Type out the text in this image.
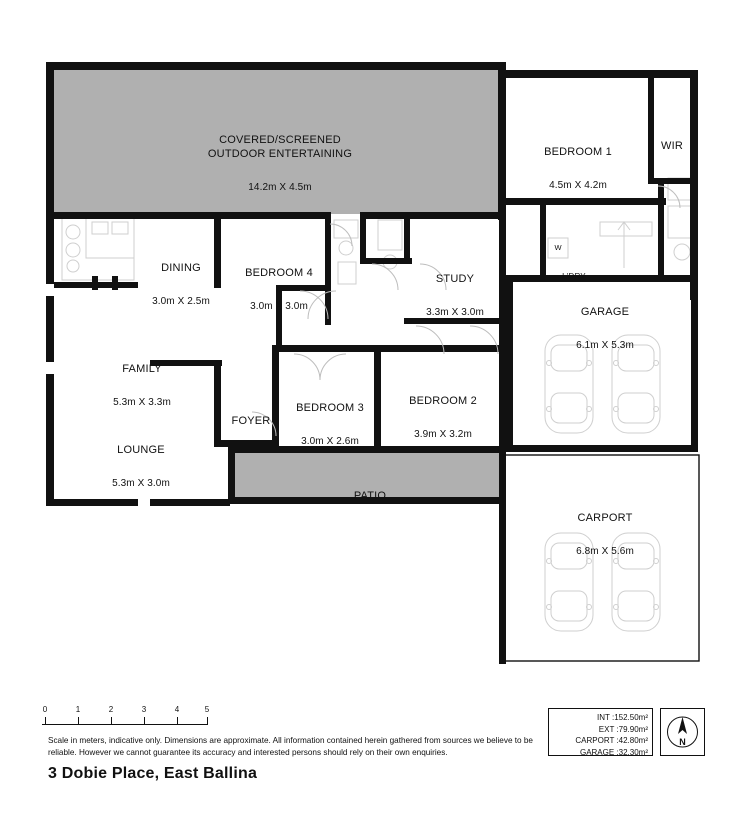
COVERED/SCREENED
OUTDOOR ENTERTAINING

14.2m X 4.5m

BEDROOM 1

4.5m X 4.2m

WIR

DINING

3.0m X 2.5m

BEDROOM 4

3.0m X 3.0m

STUDY

3.3m X 3.0m

L'DRY

W

GARAGE

6.1m X 5.3m

FAMILY

5.3m X 3.3m

FOYER

BEDROOM 3

3.0m X 2.6m

BEDROOM 2

3.9m X 3.2m

LOUNGE

5.3m X 3.0m

PATIO

CARPORT

6.8m X 5.6m

0	1	2	3	4	5
Scale in meters, indicative only. Dimensions are approximate. All information contained herein gathered from sources we believe to be reliable. However we cannot guarantee its accuracy and interested persons should rely on their own enquiries.
3 Dobie Place, East Ballina
INT :152.50m²
EXT :79.90m²
CARPORT :42.80m²
GARAGE :32.30m²
N
